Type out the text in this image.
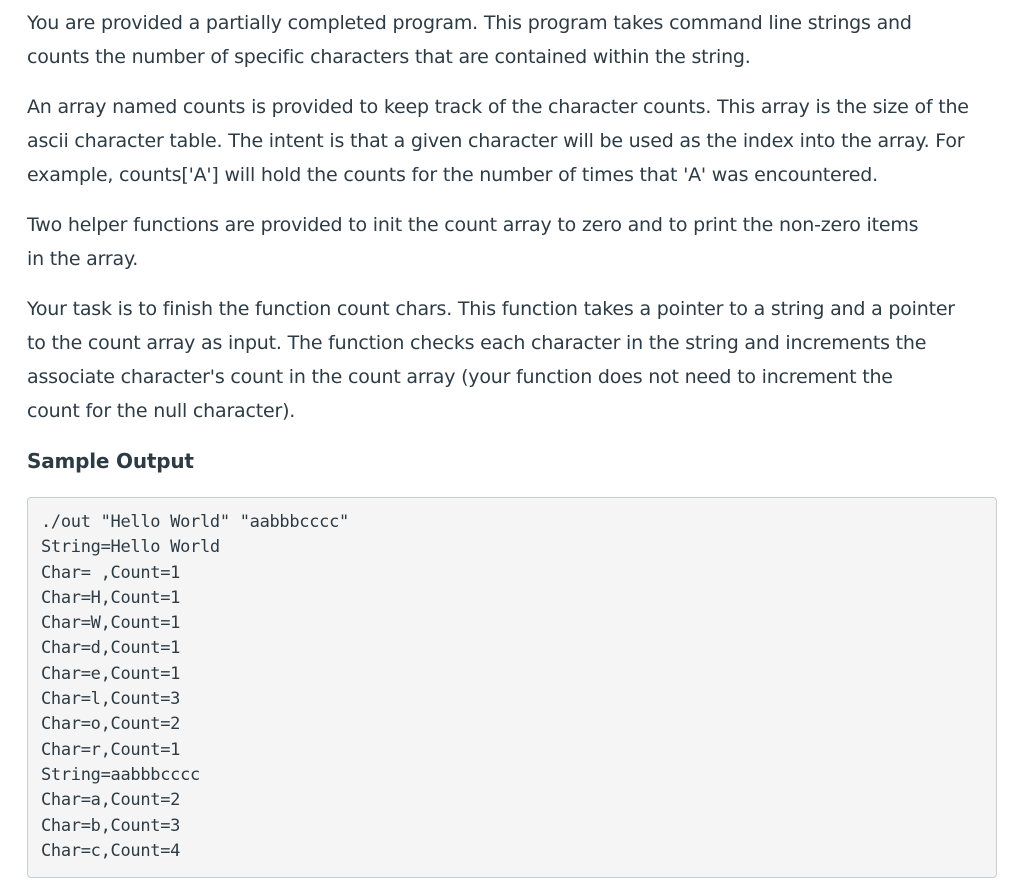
You are provided a partially completed program. This program takes command line strings and
counts the number of specific characters that are contained within the string.
An array named counts is provided to keep track of the character counts. This array is the size of the
ascii character table. The intent is that a given character will be used as the index into the array. For
example, counts['A'] will hold the counts for the number of times that 'A' was encountered.
Two helper functions are provided to init the count array to zero and to print the non-zero items
in the array.
Your task is to finish the function count chars. This function takes a pointer to a string and a pointer
to the count array as input. The function checks each character in the string and increments the
associate character's count in the count array (your function does not need to increment the
count for the null character).
Sample Output
./out "Hello World" "aabbbcccc"
String=Hello World
Char= ,Count=1
Char=H,Count=1
Char=W,Count=1
Char=d,Count=1
Char=e,Count=1
Char=l,Count=3
Char=o,Count=2
Char=r,Count=1
String=aabbbcccc
Char=a,Count=2
Char=b,Count=3
Char=c,Count=4
